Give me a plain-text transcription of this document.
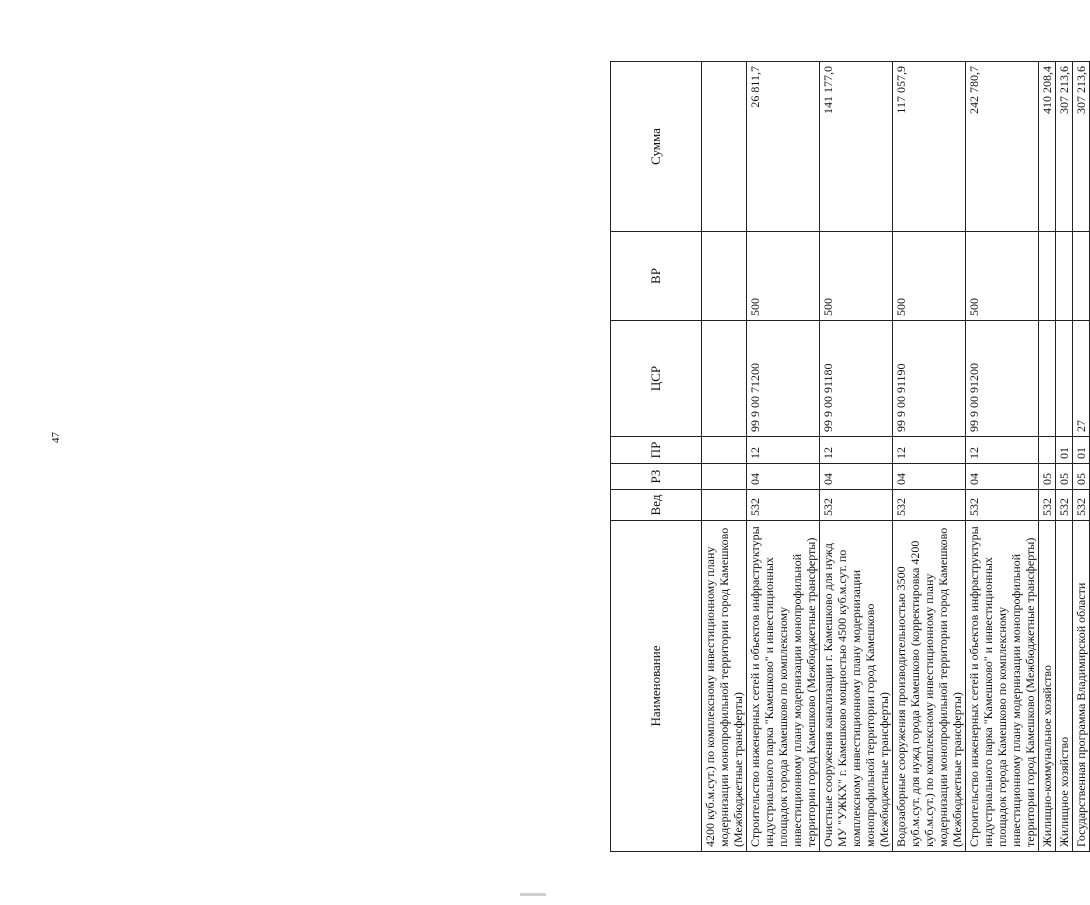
47
Наименование	Вед	РЗ	ПР	ЦСР	ВР	Сумма
4200 куб.м.сут.) по комплексному инвестиционному плану модернизации монопрофильной территории город Камешково (Межбюджетные трансферты)						
Строительство инженерных сетей и объектов инфраструктуры индустриального парка "Камешково" и инвестиционных площадок города Камешково по комплексному инвестиционному плану модернизации монопрофильной территории город Камешково (Межбюджетные трансферты)	532	04	12	99 9 00 71200	500	26 811,7
Очистные сооружения канализации г. Камешково для нужд МУ "УЖКХ" г. Камешково мощностью 4500 куб.м.сут. по комплексному инвестиционному плану модернизации монопрофильной территории город Камешково (Межбюджетные трансферты)	532	04	12	99 9 00 91180	500	141 177,0
Водозаборные сооружения производительностью 3500 куб.м.сут. для нужд города Камешково (корректировка 4200 куб.м.сут.) по комплексному инвестиционному плану модернизации монопрофильной территории город Камешково (Межбюджетные трансферты)	532	04	12	99 9 00 91190	500	117 057,9
Строительство инженерных сетей и объектов инфраструктуры индустриального парка "Камешково" и инвестиционных площадок города Камешково по комплексному инвестиционному плану модернизации монопрофильной территории город Камешково (Межбюджетные трансферты)	532	04	12	99 9 00 91200	500	242 780,7
Жилищно-коммунальное хозяйство	532	05				410 208,4
Жилищное хозяйство	532	05	01			307 213,6
Государственная программа Владимирской области	532	05	01	27		307 213,6
